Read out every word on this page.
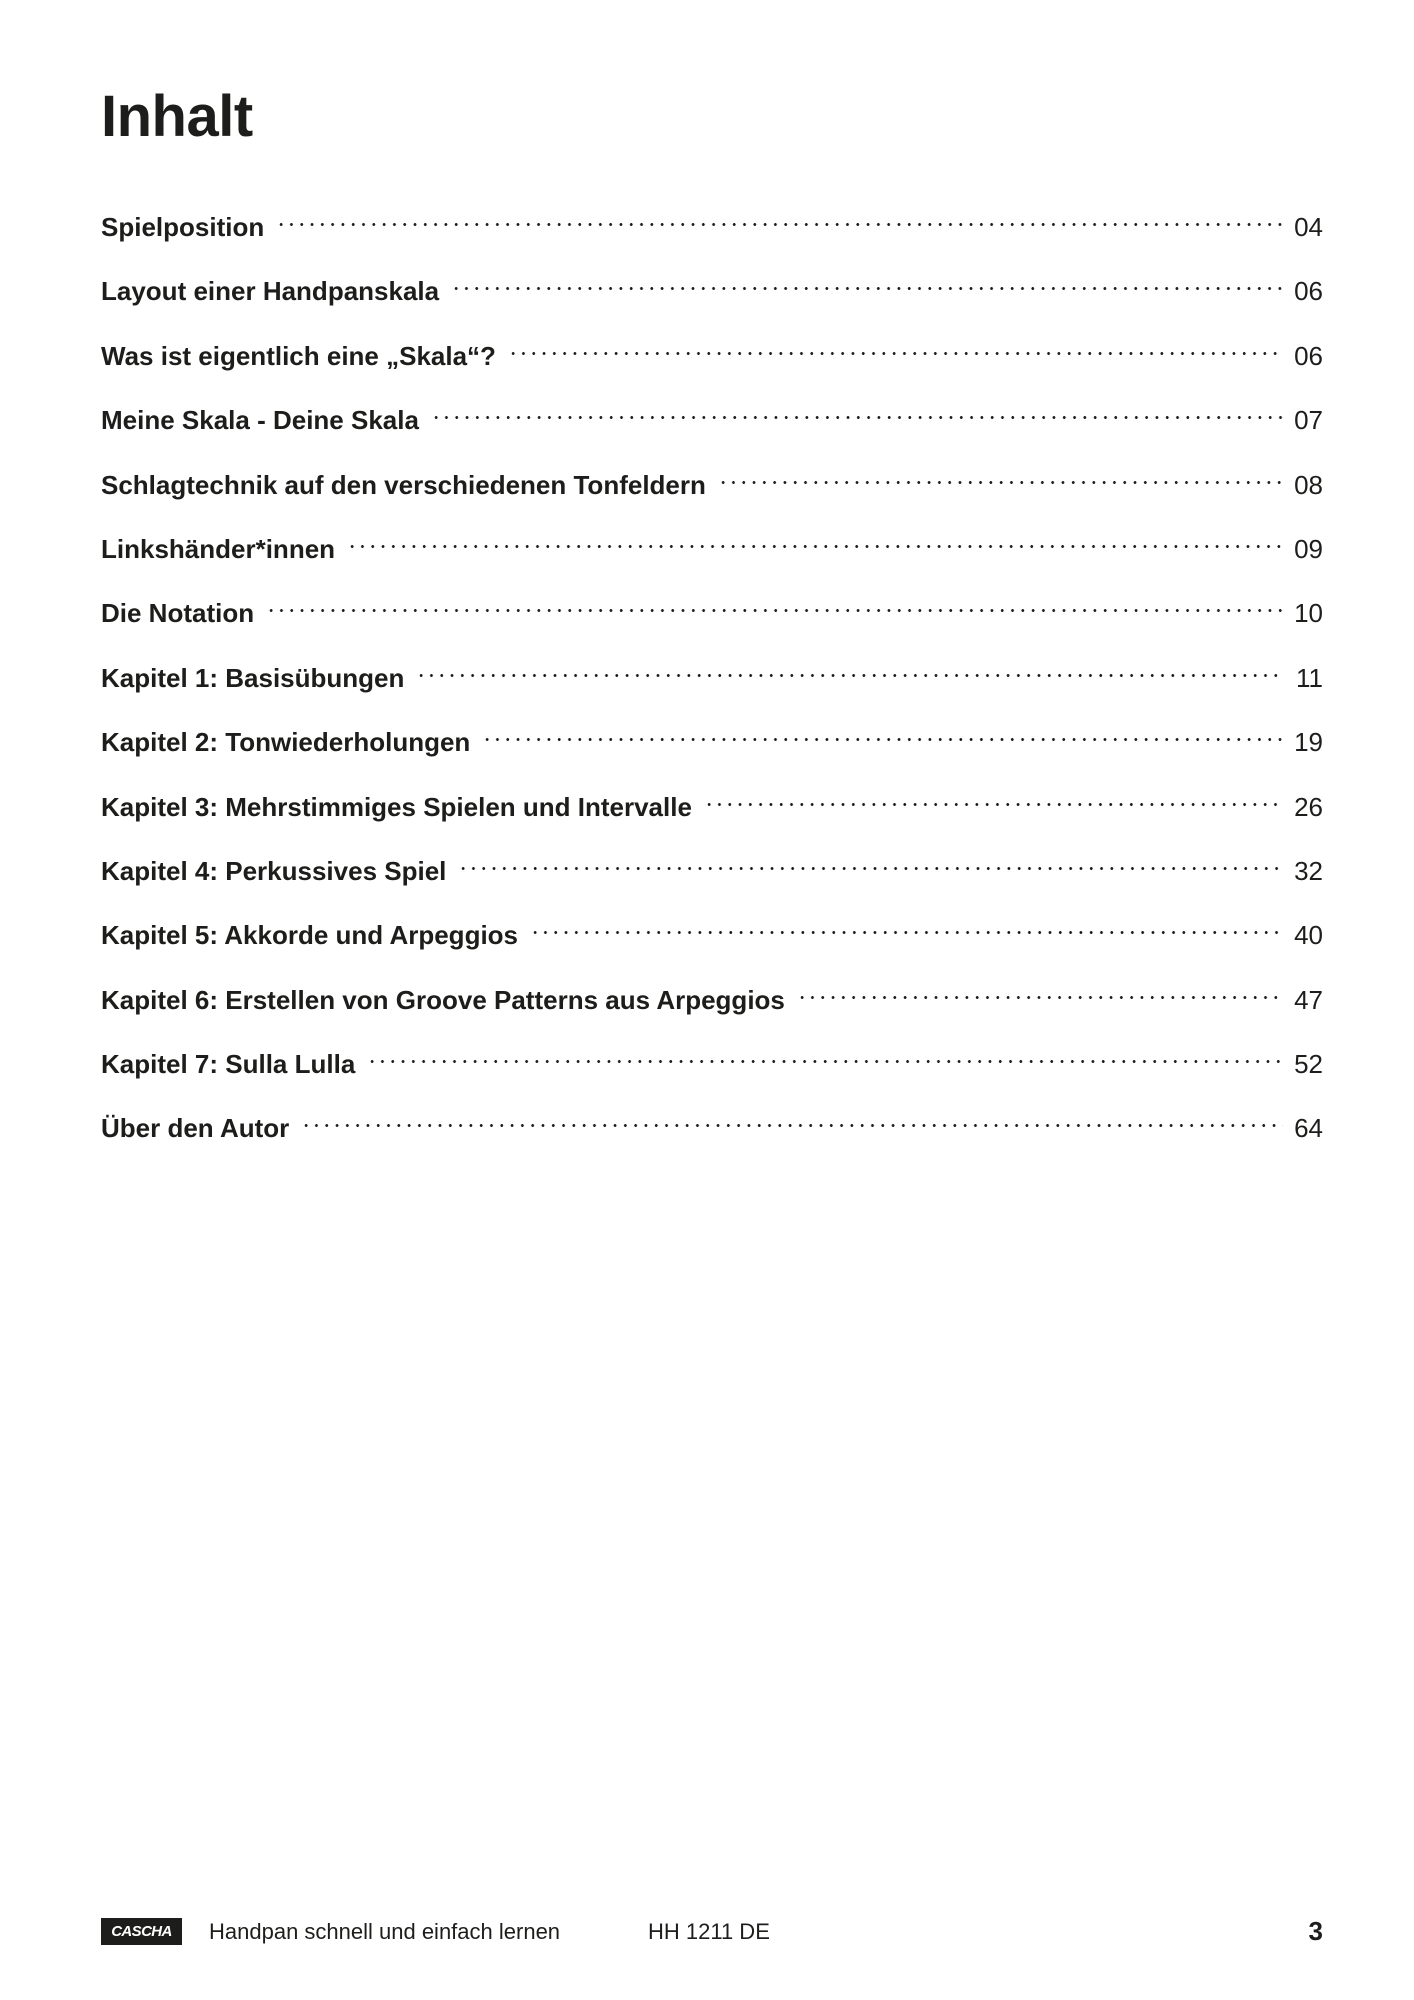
Inhalt
Spielposition	04
Layout einer Handpanskala	06
Was ist eigentlich eine „Skala“?	06
Meine Skala - Deine Skala	07
Schlagtechnik auf den verschiedenen Tonfeldern	08
Linkshänder*innen	09
Die Notation	10
Kapitel 1: Basisübungen	11
Kapitel 2: Tonwiederholungen	19
Kapitel 3: Mehrstimmiges Spielen und Intervalle	26
Kapitel 4: Perkussives Spiel	32
Kapitel 5: Akkorde und Arpeggios	40
Kapitel 6: Erstellen von Groove Patterns aus Arpeggios	47
Kapitel 7: Sulla Lulla	52
Über den Autor	64
CASCHA	Handpan schnell und einfach lernen	HH 1211 DE	3
